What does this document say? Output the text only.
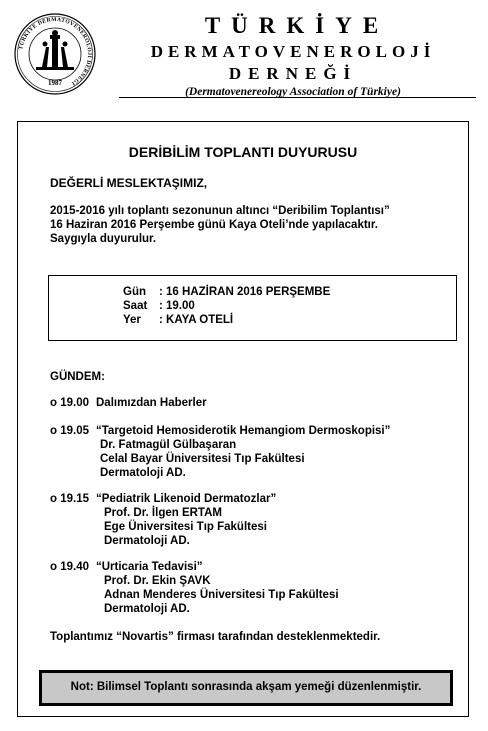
TÜRKİYE DERMATOVENEROLOJİ DERNEĞİ
1987
TÜRKİYE
DERMATOVENEROLOJİ
DERNEĞİ
(Dermatovenereology Association of Türkiye)
DERİBİLİM TOPLANTI DUYURUSU
DEĞERLİ MESLEKTAŞIMIZ,
2015-2016 yılı toplantı sezonunun altıncı “Deribilim Toplantısı”
16 Haziran 2016 Perşembe günü Kaya Oteli’nde yapılacaktır.
Saygıyla duyurulur.
Gün : 16 HAZİRAN 2016 PERŞEMBE
Saat : 19.00
Yer : KAYA OTELİ
GÜNDEM:
o 19.00 Dalımızdan Haberler
o 19.05 “Targetoid Hemosiderotik Hemangiom Dermoskopisi”
Dr. Fatmagül Gülbaşaran
Celal Bayar Üniversitesi Tıp Fakültesi
Dermatoloji AD.
o 19.15 “Pediatrik Likenoid Dermatozlar”
Prof. Dr. İlgen ERTAM
Ege Üniversitesi Tıp Fakültesi
Dermatoloji AD.
o 19.40 “Urticaria Tedavisi”
Prof. Dr. Ekin ŞAVK
Adnan Menderes Üniversitesi Tıp Fakültesi
Dermatoloji AD.
Toplantımız “Novartis” firması tarafından desteklenmektedir.
Not: Bilimsel Toplantı sonrasında akşam yemeği düzenlenmiştir.
